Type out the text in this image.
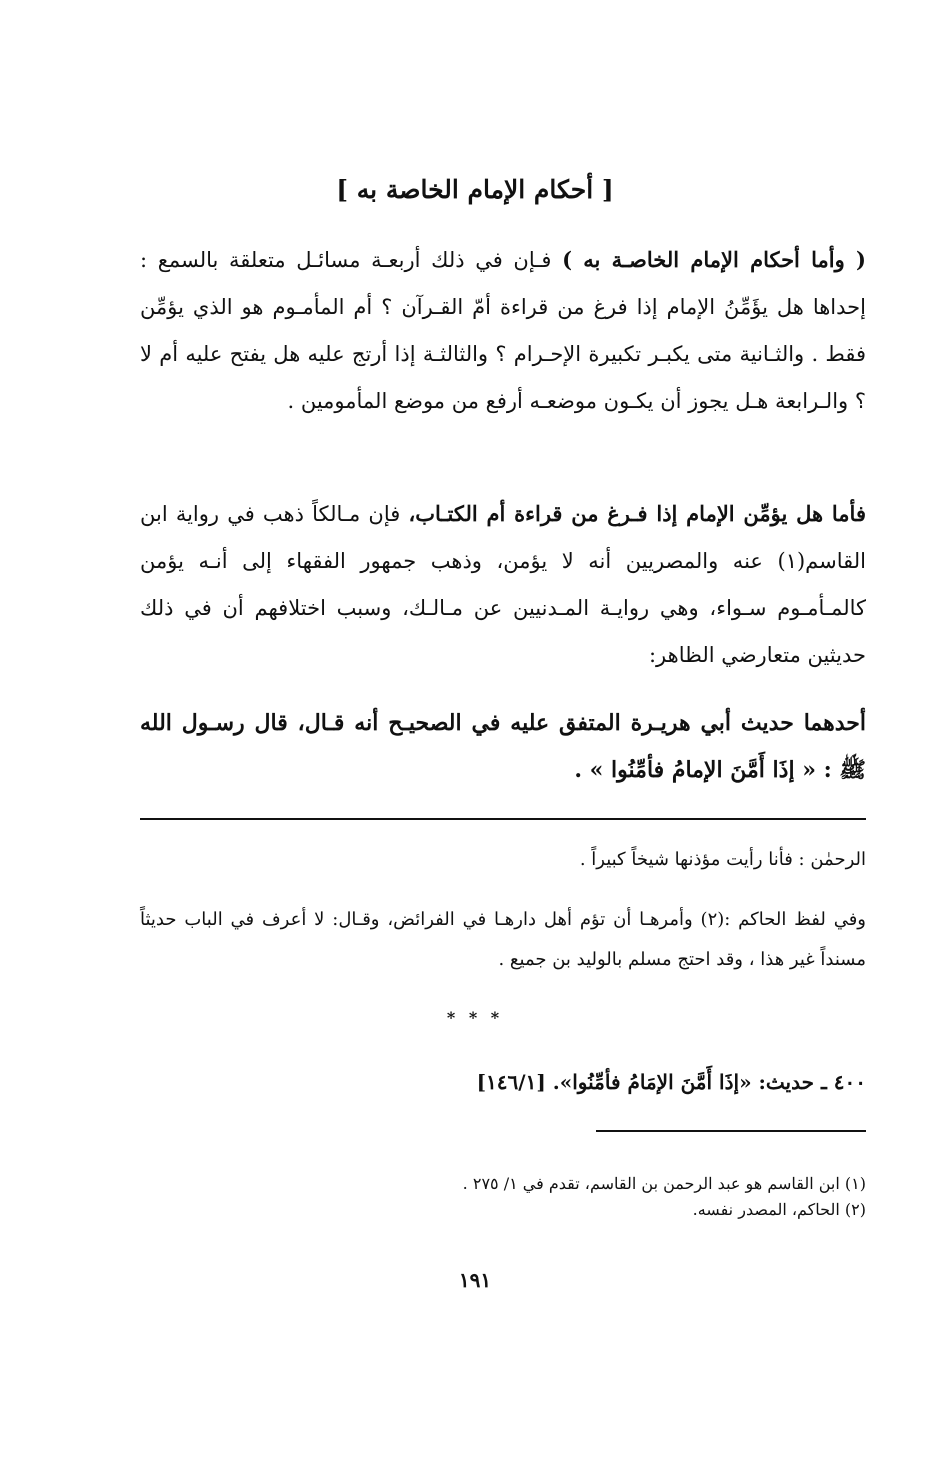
[ أحكام الإمام الخاصة به ]
( وأما أحكام الإمام الخاصـة به ) فـإن في ذلك أربعـة مسائـل متعلقة بالسمع : إحداها هل يؤَمِّنُ الإمام إذا فرغ من قراءة أمّ القـرآن ؟ أم المأمـوم هو الذي يؤمِّن فقط . والثـانية متى يكبـر تكبيرة الإحـرام ؟ والثالثـة إذا أرتج عليه هل يفتح عليه أم لا ؟ والـرابعة هـل يجوز أن يكـون موضعـه أرفع من موضع المأمومين .
فأما هل يؤمِّن الإمام إذا فـرغ من قراءة أم الكتـاب، فإن مـالكاً ذهب في رواية ابن القاسم(١) عنه والمصريين أنه لا يؤمن، وذهب جمهور الفقهاء إلى أنـه يؤمن كالمـأمـوم سـواء، وهي روايـة المـدنيين عن مـالـك، وسبب اختلافهم أن في ذلك حديثين متعارضي الظاهر:
أحدهما حديث أبي هريـرة المتفق عليه في الصحيـح أنه قـال، قال رسـول الله ﷺ : « إذَا أَمَّنَ الإمامُ فأمِّنُوا » .
الرحمٰن : فأنا رأيت مؤذنها شيخاً كبيراً .
وفي لفظ الحاكم :(٢) وأمرهـا أن تؤم أهل دارهـا في الفرائض، وقـال: لا أعرف في الباب حديثاً مسنداً غير هذا ، وقد احتج مسلم بالوليد بن جميع .
* * *
٤٠٠ ـ حديث: «إذَا أَمَّنَ الإمَامُ فأمِّنُوا». [١٤٦/١]
(١) ابن القاسم هو عبد الرحمن بن القاسم، تقدم في ١/ ٢٧٥ .
(٢) الحاكم، المصدر نفسه.
١٩١
